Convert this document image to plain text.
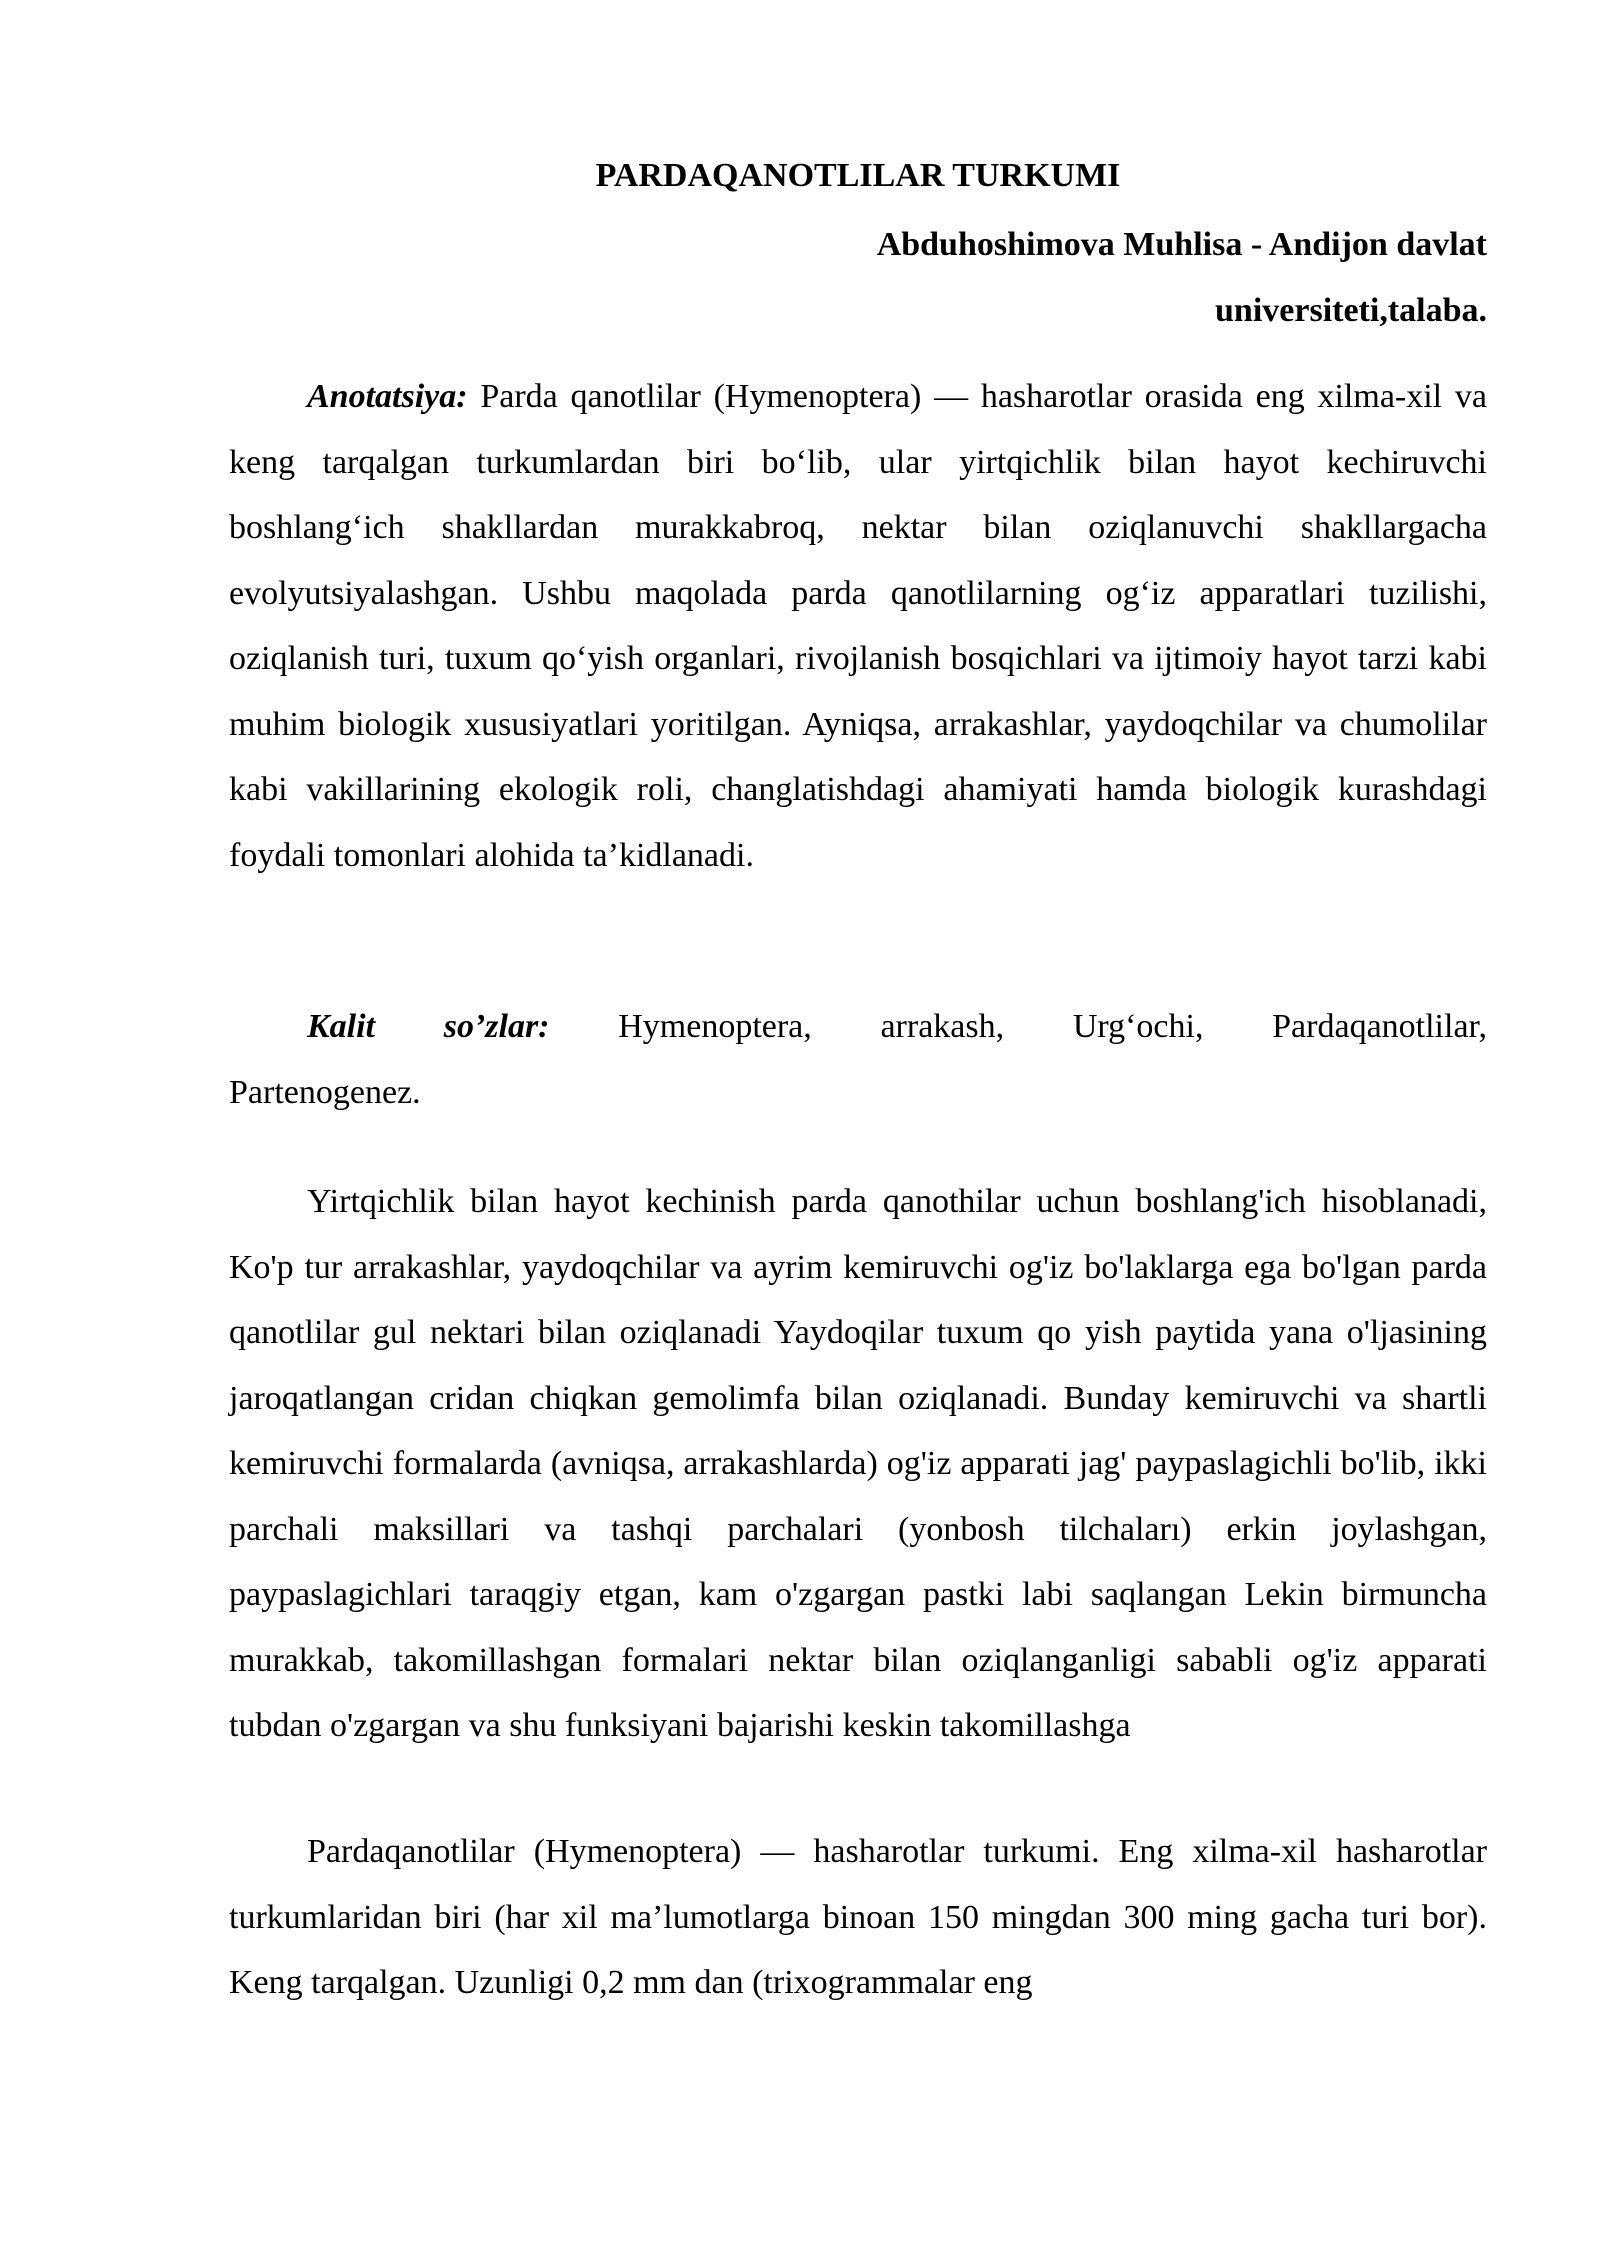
PARDAQANOTLILAR TURKUMI
Abduhoshimova Muhlisa - Andijon davlat
universiteti,talaba.

Anotatsiya: Parda qanotlilar (Hymenoptera) — hasharotlar orasida eng xilma-xil va keng tarqalgan turkumlardan biri bo‘lib, ular yirtqichlik bilan hayot kechiruvchi boshlang‘ich shakllardan murakkabroq, nektar bilan oziqlanuvchi shakllargacha evolyutsiyalashgan. Ushbu maqolada parda qanotlilarning og‘iz apparatlari tuzilishi, oziqlanish turi, tuxum qo‘yish organlari, rivojlanish bosqichlari va ijtimoiy hayot tarzi kabi muhim biologik xususiyatlari yoritilgan. Ayniqsa, arrakashlar, yaydoqchilar va chumolilar kabi vakillarining ekologik roli, changlatishdagi ahamiyati hamda biologik kurashdagi foydali tomonlari alohida ta’kidlanadi.

Kalit so’zlar: Hymenoptera, arrakash, Urg‘ochi, Pardaqanotlilar, Partenogenez.

Yirtqichlik bilan hayot kechinish parda qanothilar uchun boshlang'ich hisoblanadi, Ko'p tur arrakashlar, yaydoqchilar va ayrim kemiruvchi og'iz bo'laklarga ega bo'lgan parda qanotlilar gul nektari bilan oziqlanadi Yaydoqilar tuxum qo yish paytida yana o'ljasining jaroqatlangan cridan chiqkan gemolimfa bilan oziqlanadi. Bunday kemiruvchi va shartli kemiruvchi formalarda (avniqsa, arrakashlarda) og'iz apparati jag' paypaslagichli bo'lib, ikki parchali maksillari va tashqi parchalari (yonbosh tilchaları) erkin joylashgan, paypaslagichlari taraqgiy etgan, kam o'zgargan pastki labi saqlangan Lekin birmuncha murakkab, takomillashgan formalari nektar bilan oziqlanganligi sababli og'iz apparati tubdan o'zgargan va shu funksiyani bajarishi keskin takomillashga

Pardaqanotlilar (Hymenoptera) — hasharotlar turkumi. Eng xilma-xil hasharotlar turkumlaridan biri (har xil ma’lumotlarga binoan 150 mingdan 300 ming gacha turi bor). Keng tarqalgan. Uzunligi 0,2 mm dan (trixogrammalar eng
